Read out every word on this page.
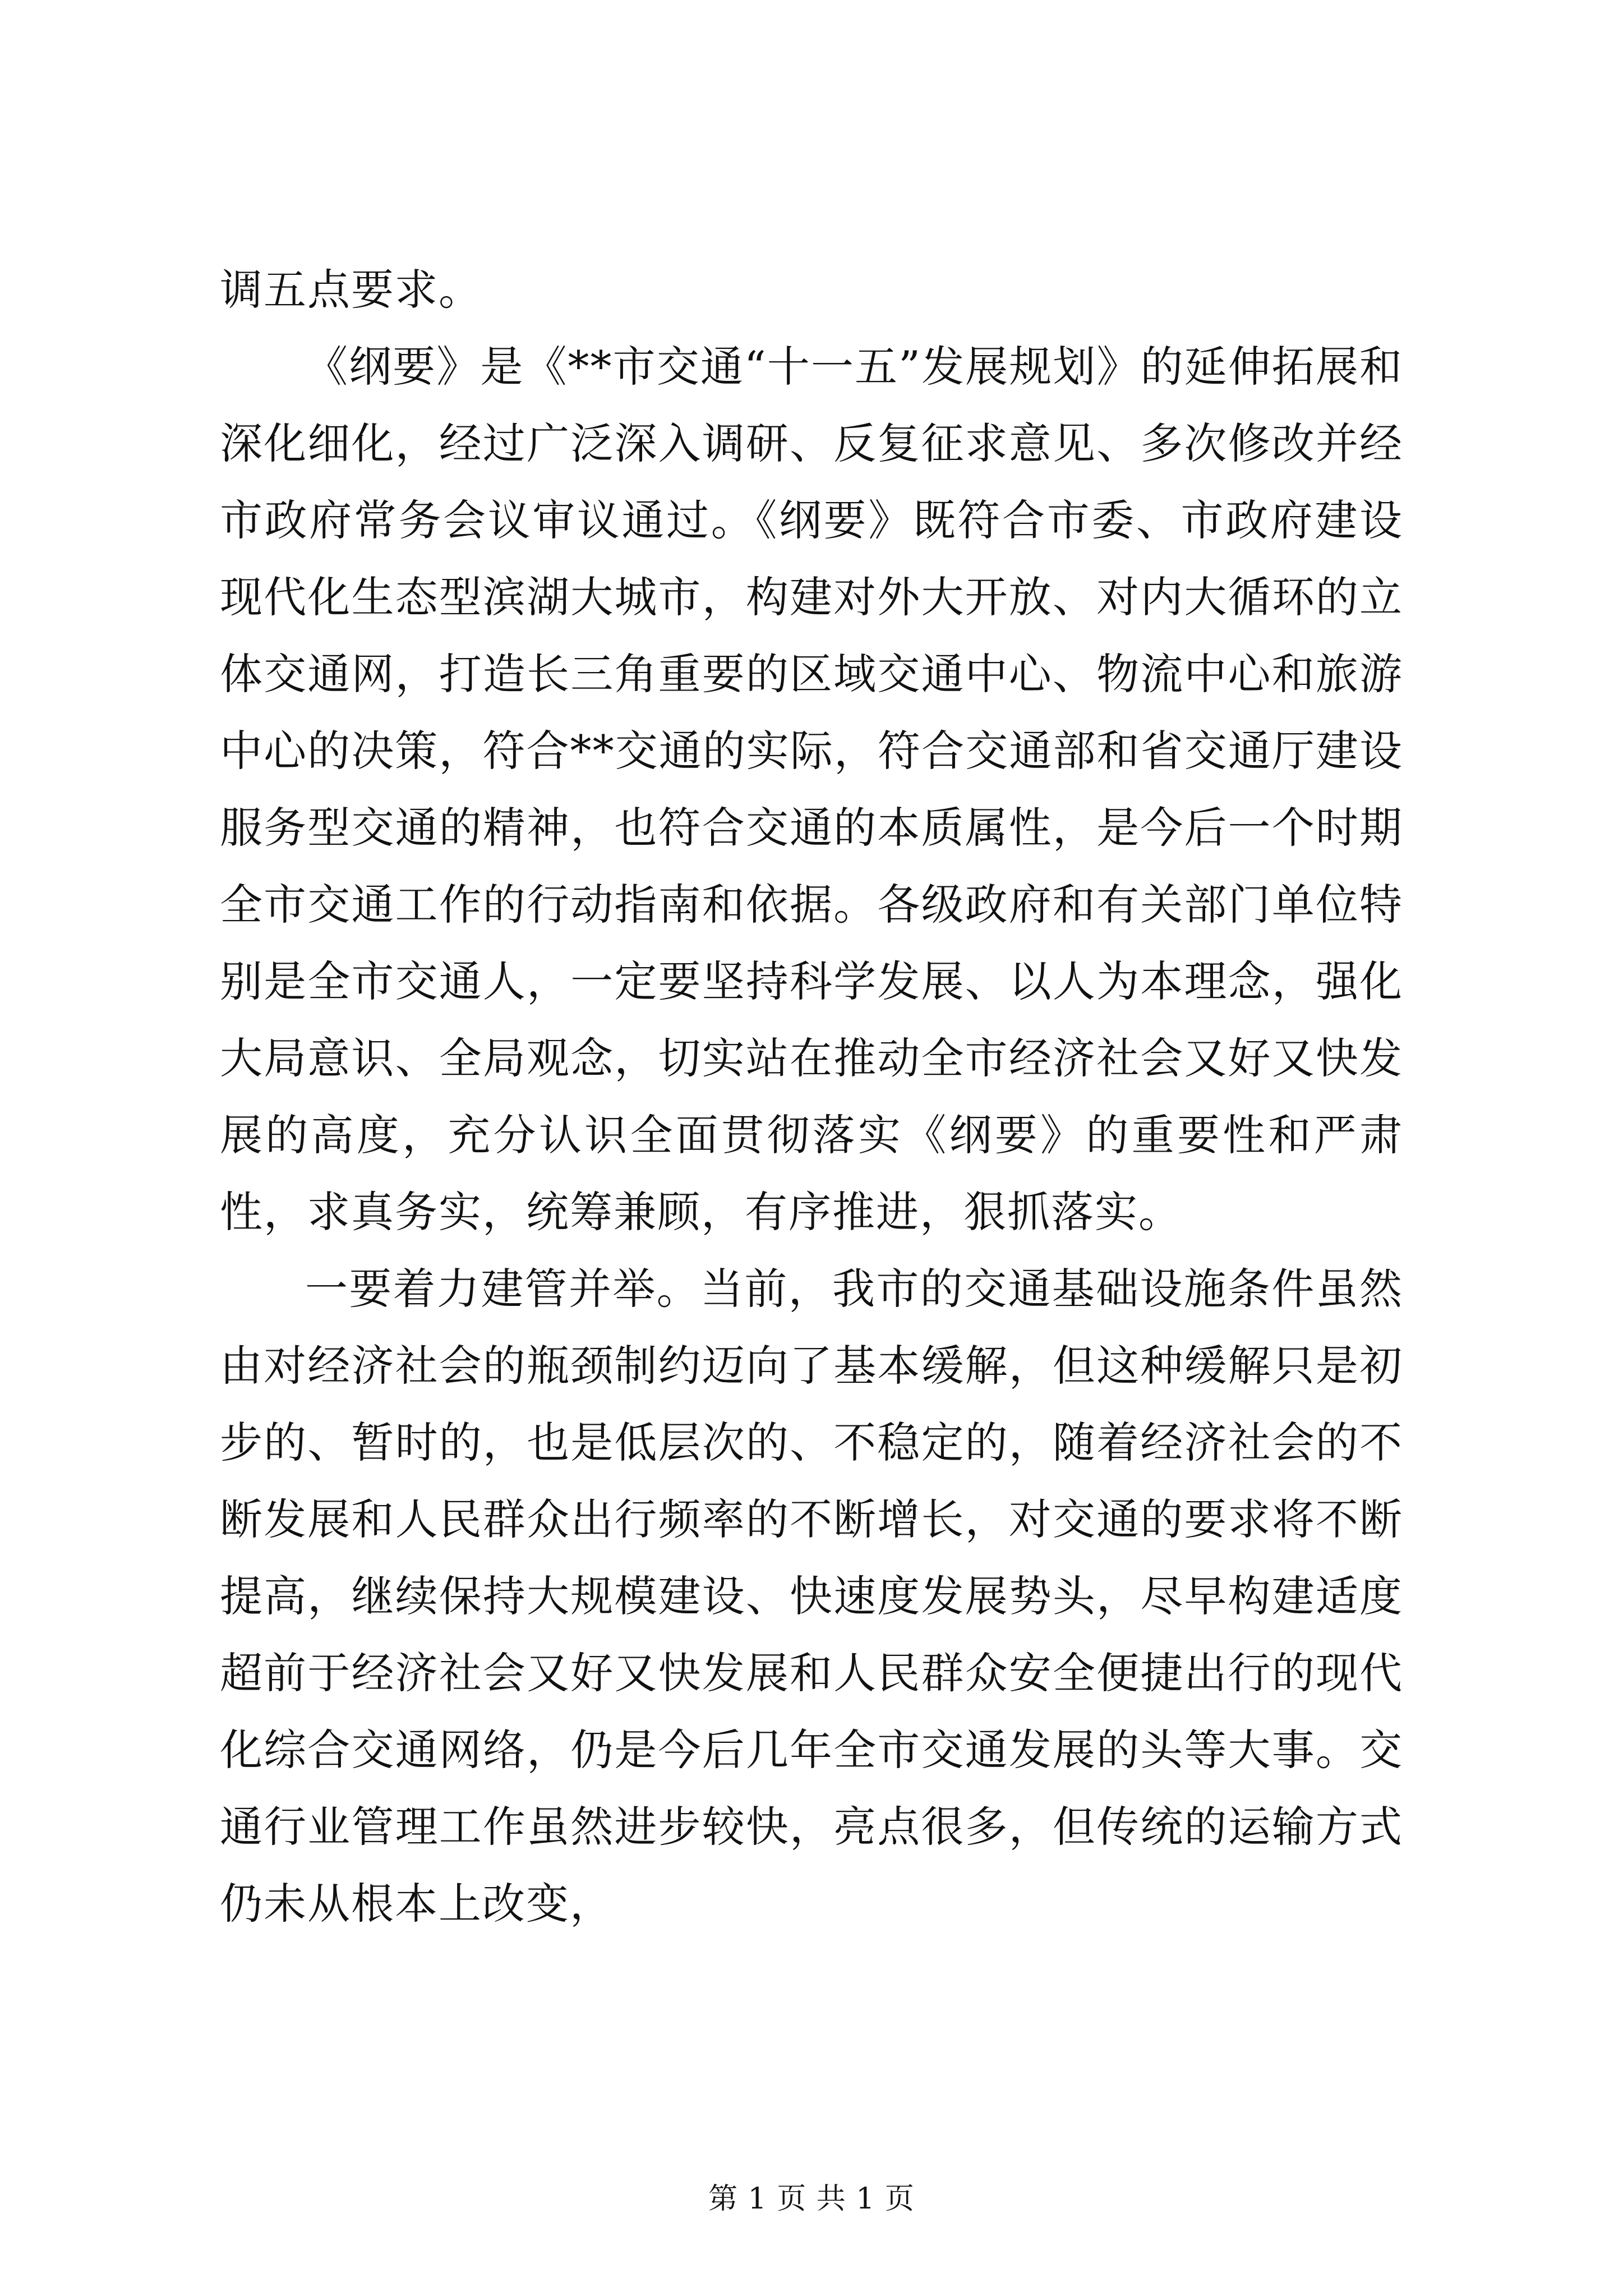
调五点要求。

《纲要》是《**市交通“十一五”发展规划》的延伸拓展和深化细化，经过广泛深入调研、反复征求意见、多次修改并经市政府常务会议审议通过。《纲要》既符合市委、市政府建设现代化生态型滨湖大城市，构建对外大开放、对内大循环的立体交通网，打造长三角重要的区域交通中心、物流中心和旅游中心的决策，符合**交通的实际，符合交通部和省交通厅建设服务型交通的精神，也符合交通的本质属性，是今后一个时期全市交通工作的行动指南和依据。各级政府和有关部门单位特别是全市交通人，一定要坚持科学发展、以人为本理念，强化大局意识、全局观念，切实站在推动全市经济社会又好又快发展的高度，充分认识全面贯彻落实《纲要》的重要性和严肃性，求真务实，统筹兼顾，有序推进，狠抓落实。

一要着力建管并举。当前，我市的交通基础设施条件虽然由对经济社会的瓶颈制约迈向了基本缓解，但这种缓解只是初步的、暂时的，也是低层次的、不稳定的，随着经济社会的不断发展和人民群众出行频率的不断增长，对交通的要求将不断提高，继续保持大规模建设、快速度发展势头，尽早构建适度超前于经济社会又好又快发展和人民群众安全便捷出行的现代化综合交通网络，仍是今后几年全市交通发展的头等大事。交通行业管理工作虽然进步较快，亮点很多，但传统的运输方式仍未从根本上改变，

第 1 页 共 1 页
